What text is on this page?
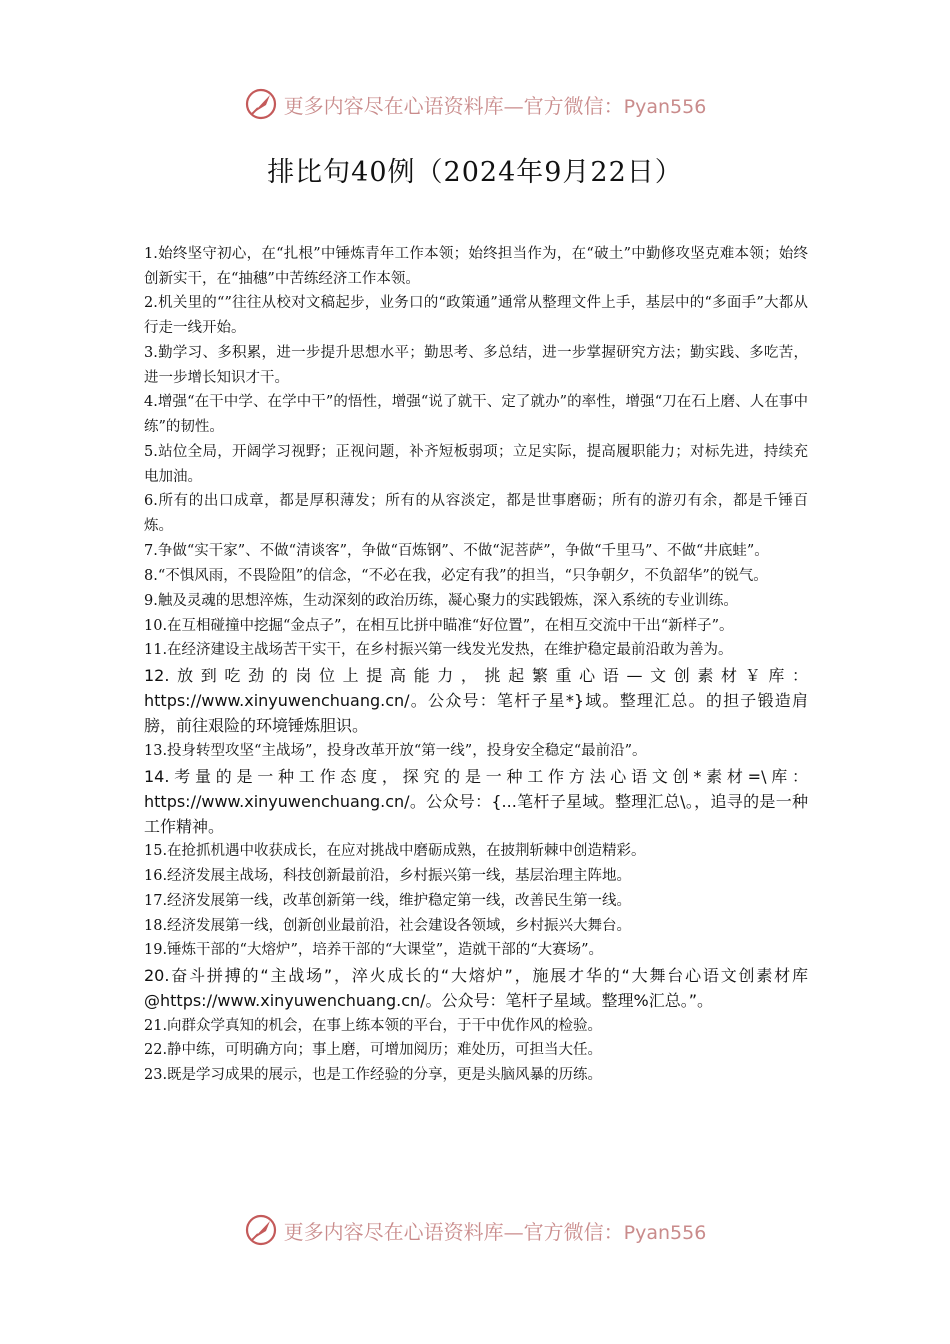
更多内容尽在心语资料库—官方微信：Pyan556
排比句40例（2024年9月22日）

1.始终坚守初心，在“扎根”中锤炼青年工作本领；始终担当作为，在“破土”中勤修攻坚克难本领；始终创新实干，在“抽穗”中苦练经济工作本领。

2.机关里的“”往往从校对文稿起步，业务口的“政策通”通常从整理文件上手，基层中的“多面手”大都从行走一线开始。

3.勤学习、多积累，进一步提升思想水平；勤思考、多总结，进一步掌握研究方法；勤实践、多吃苦，进一步增长知识才干。

4.增强“在干中学、在学中干”的悟性，增强“说了就干、定了就办”的率性，增强“刀在石上磨、人在事中练”的韧性。

5.站位全局，开阔学习视野；正视问题，补齐短板弱项；立足实际，提高履职能力；对标先进，持续充电加油。

6.所有的出口成章，都是厚积薄发；所有的从容淡定，都是世事磨砺；所有的游刃有余，都是千锤百炼。

7.争做“实干家”、不做“清谈客”，争做“百炼钢”、不做“泥菩萨”，争做“千里马”、不做“井底蛙”。

8.“不惧风雨，不畏险阻”的信念，“不必在我，必定有我”的担当，“只争朝夕，不负韶华”的锐气。

9.触及灵魂的思想淬炼，生动深刻的政治历练，凝心聚力的实践锻炼，深入系统的专业训练。

10.在互相碰撞中挖掘“金点子”，在相互比拼中瞄准“好位置”，在相互交流中干出“新样子”。

11.在经济建设主战场苦干实干，在乡村振兴第一线发光发热，在维护稳定最前沿敢为善为。

12.放到吃劲的岗位上提高能力，挑起繁重心语—文创素材￥库：https://www.xinyuwenchuang.cn/。公众号：笔杆子星*}域。整理汇总。的担子锻造肩膀，前往艰险的环境锤炼胆识。

13.投身转型攻坚“主战场”，投身改革开放“第一线”，投身安全稳定“最前沿”。

14.考量的是一种工作态度，探究的是一种工作方法心语文创*素材=\库：https://www.xinyuwenchuang.cn/。公众号：{...笔杆子星域。整理汇总\。，追寻的是一种工作精神。

15.在抢抓机遇中收获成长，在应对挑战中磨砺成熟，在披荆斩棘中创造精彩。

16.经济发展主战场，科技创新最前沿，乡村振兴第一线，基层治理主阵地。

17.经济发展第一线，改革创新第一线，维护稳定第一线，改善民生第一线。

18.经济发展第一线，创新创业最前沿，社会建设各领域，乡村振兴大舞台。

19.锤炼干部的“大熔炉”，培养干部的“大课堂”，造就干部的“大赛场”。

20.奋斗拼搏的“主战场”，淬火成长的“大熔炉”，施展才华的“大舞台心语文创素材库@https://www.xinyuwenchuang.cn/。公众号：笔杆子星域。整理%汇总。”。

21.向群众学真知的机会，在事上练本领的平台，于干中优作风的检验。

22.静中练，可明确方向；事上磨，可增加阅历；难处历，可担当大任。

23.既是学习成果的展示，也是工作经验的分享，更是头脑风暴的历练。

更多内容尽在心语资料库—官方微信：Pyan556
